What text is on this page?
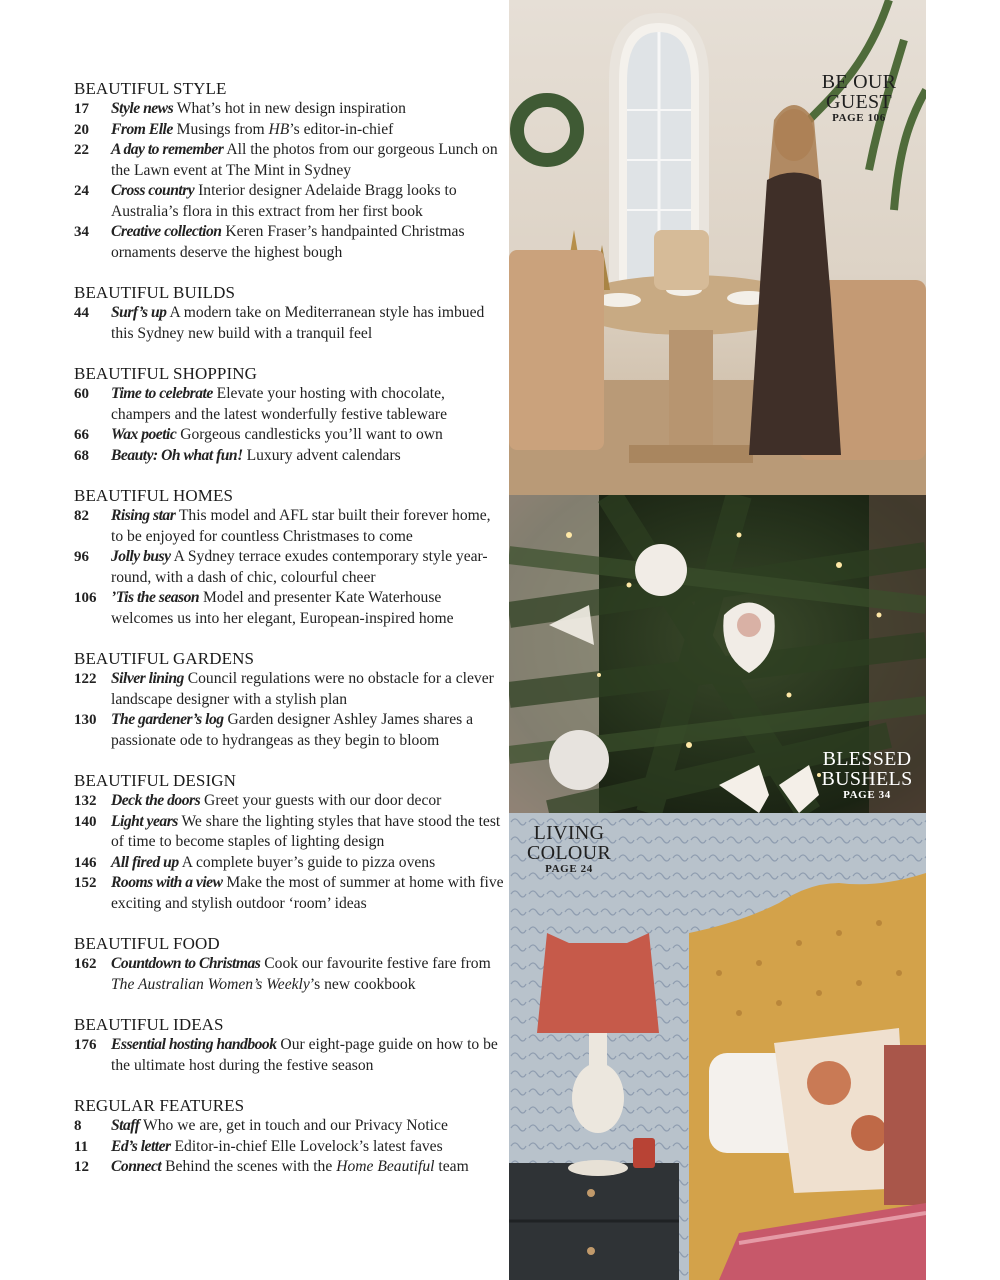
BEAUTIFUL STYLE
17 Style news What’s hot in new design inspiration
20 From Elle Musings from HB’s editor-in-chief
22 A day to remember All the photos from our gorgeous Lunch on the Lawn event at The Mint in Sydney
24 Cross country Interior designer Adelaide Bragg looks to Australia’s flora in this extract from her first book
34 Creative collection Keren Fraser’s handpainted Christmas ornaments deserve the highest bough
BEAUTIFUL BUILDS
44 Surf’s up A modern take on Mediterranean style has imbued this Sydney new build with a tranquil feel
BEAUTIFUL SHOPPING
60 Time to celebrate Elevate your hosting with chocolate, champers and the latest wonderfully festive tableware
66 Wax poetic Gorgeous candlesticks you’ll want to own
68 Beauty: Oh what fun! Luxury advent calendars
BEAUTIFUL HOMES
82 Rising star This model and AFL star built their forever home, to be enjoyed for countless Christmases to come
96 Jolly busy A Sydney terrace exudes contemporary style year-round, with a dash of chic, colourful cheer
106 ’Tis the season Model and presenter Kate Waterhouse welcomes us into her elegant, European-inspired home
BEAUTIFUL GARDENS
122 Silver lining Council regulations were no obstacle for a clever landscape designer with a stylish plan
130 The gardener’s log Garden designer Ashley James shares a passionate ode to hydrangeas as they begin to bloom
BEAUTIFUL DESIGN
132 Deck the doors Greet your guests with our door decor
140 Light years We share the lighting styles that have stood the test of time to become staples of lighting design
146 All fired up A complete buyer’s guide to pizza ovens
152 Rooms with a view Make the most of summer at home with five exciting and stylish outdoor ‘room’ ideas
BEAUTIFUL FOOD
162 Countdown to Christmas Cook our favourite festive fare from The Australian Women’s Weekly’s new cookbook
BEAUTIFUL IDEAS
176 Essential hosting handbook Our eight-page guide on how to be the ultimate host during the festive season
REGULAR FEATURES
8 Staff Who we are, get in touch and our Privacy Notice
11 Ed’s letter Editor-in-chief Elle Lovelock’s latest faves
12 Connect Behind the scenes with the Home Beautiful team
BE OUR
GUEST
PAGE 106
BLESSED
BUSHELS
PAGE 34
LIVING
COLOUR
PAGE 24
